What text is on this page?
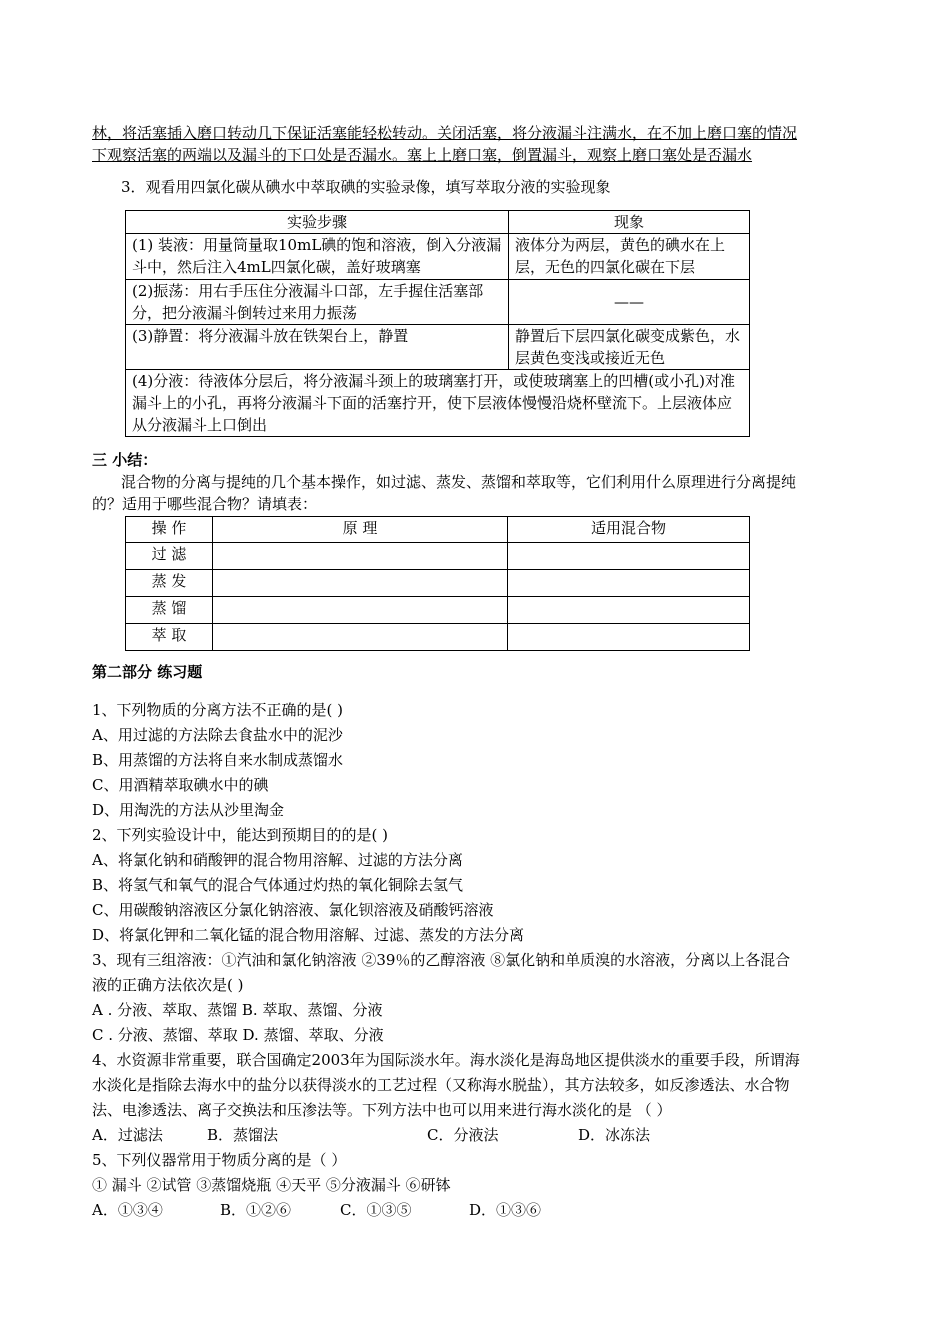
林，将活塞插入磨口转动几下保证活塞能轻松转动。关闭活塞，将分液漏斗注满水，在不加上磨口塞的情况
下观察活塞的两端以及漏斗的下口处是否漏水。塞上上磨口塞，倒置漏斗，观察上磨口塞处是否漏水
3．观看用四氯化碳从碘水中萃取碘的实验录像，填写萃取分液的实验现象
实验步骤	现象
(1) 装液：用量筒量取10mL碘的饱和溶液，倒入分液漏斗中，然后注入4mL四氯化碳，盖好玻璃塞	液体分为两层，黄色的碘水在上层，无色的四氯化碳在下层
(2)振荡：用右手压住分液漏斗口部，左手握住活塞部分，把分液漏斗倒转过来用力振荡	——
(3)静置：将分液漏斗放在铁架台上，静置	静置后下层四氯化碳变成紫色，水层黄色变浅或接近无色
(4)分液：待液体分层后，将分液漏斗颈上的玻璃塞打开，或使玻璃塞上的凹槽(或小孔)对准漏斗上的小孔，再将分液漏斗下面的活塞拧开，使下层液体慢慢沿烧杯壁流下。上层液体应从分液漏斗上口倒出	
三 小结：
混合物的分离与提纯的几个基本操作，如过滤、蒸发、蒸馏和萃取等，它们利用什么原理进行分离提纯
的？适用于哪些混合物？请填表：
操 作	原 理	适用混合物
过 滤		
蒸 发		
蒸 馏		
萃 取		
第二部分 练习题
1、下列物质的分离方法不正确的是( )
A、用过滤的方法除去食盐水中的泥沙
B、用蒸馏的方法将自来水制成蒸馏水
C、用酒精萃取碘水中的碘
D、用淘洗的方法从沙里淘金
2、下列实验设计中，能达到预期目的的是( )
A、将氯化钠和硝酸钾的混合物用溶解、过滤的方法分离
B、将氢气和氧气的混合气体通过灼热的氧化铜除去氢气
C、用碳酸钠溶液区分氯化钠溶液、氯化钡溶液及硝酸钙溶液
D、将氯化钾和二氧化锰的混合物用溶解、过滤、蒸发的方法分离
3、现有三组溶液：①汽油和氯化钠溶液 ②39％的乙醇溶液 ⑧氯化钠和单质溴的水溶液，分离以上各混合
液的正确方法依次是( )
A . 分液、萃取、蒸馏 B. 萃取、蒸馏、分液
C . 分液、蒸馏、萃取 D. 蒸馏、萃取、分液
4、水资源非常重要，联合国确定2003年为国际淡水年。海水淡化是海岛地区提供淡水的重要手段，所谓海
水淡化是指除去海水中的盐分以获得淡水的工艺过程（又称海水脱盐），其方法较多，如反渗透法、水合物
法、电渗透法、离子交换法和压渗法等。下列方法中也可以用来进行海水淡化的是 （ ）
A．过滤法	B．蒸馏法	C．分液法	D．冰冻法
5、下列仪器常用于物质分离的是（ ）
① 漏斗 ②试管 ③蒸馏烧瓶 ④天平 ⑤分液漏斗 ⑥研钵
A．①③④	B．①②⑥	C．①③⑤	D．①③⑥
